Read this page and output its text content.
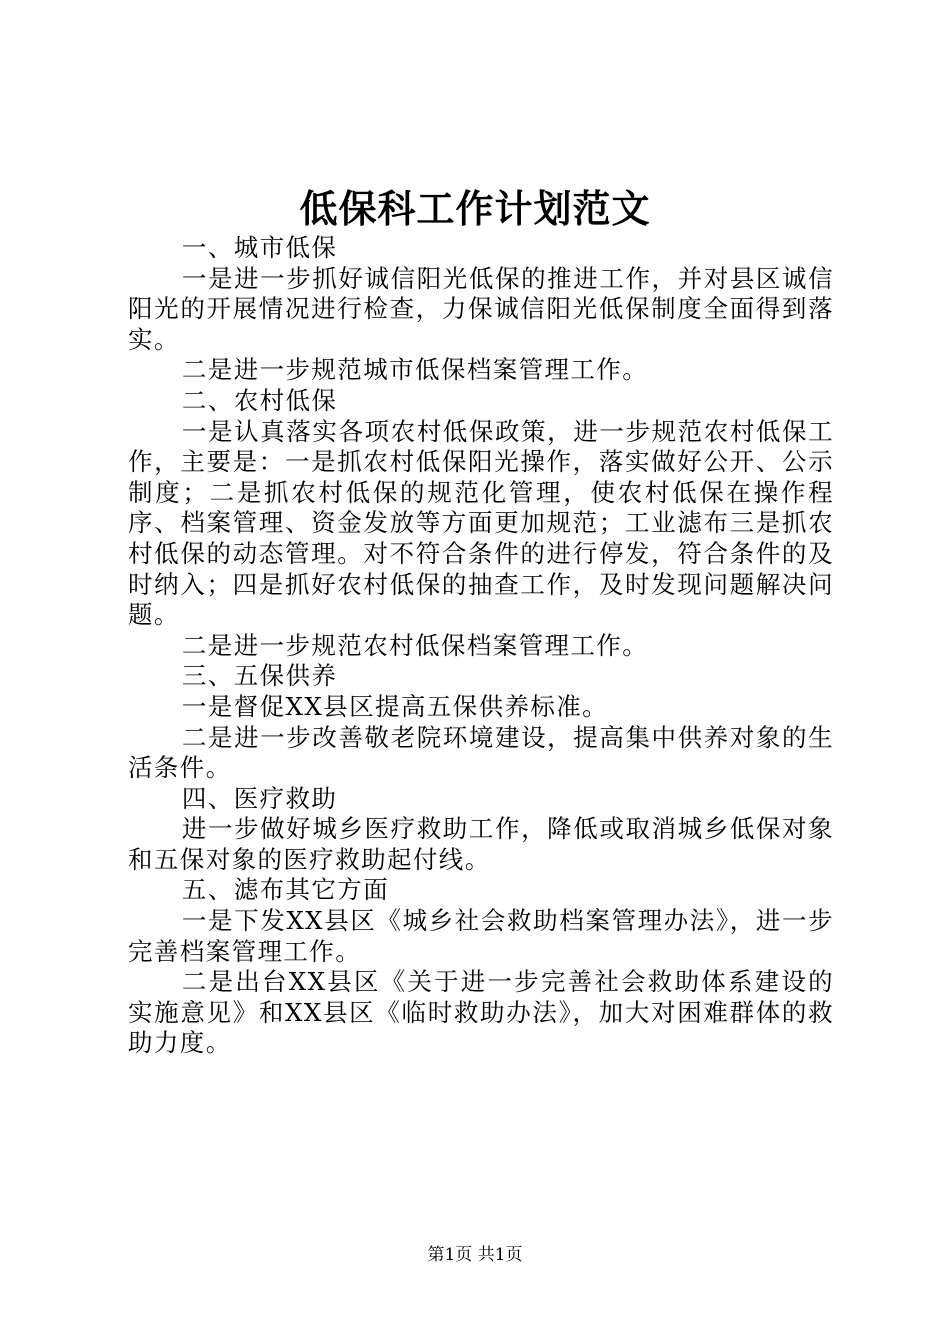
低保科工作计划范文

一、城市低保

一是进一步抓好诚信阳光低保的推进工作，并对县区诚信阳光的开展情况进行检查，力保诚信阳光低保制度全面得到落实。

二是进一步规范城市低保档案管理工作。

二、农村低保

一是认真落实各项农村低保政策，进一步规范农村低保工作，主要是：一是抓农村低保阳光操作，落实做好公开、公示制度；二是抓农村低保的规范化管理，使农村低保在操作程序、档案管理、资金发放等方面更加规范；工业滤布三是抓农村低保的动态管理。对不符合条件的进行停发，符合条件的及时纳入；四是抓好农村低保的抽查工作，及时发现问题解决问题。

二是进一步规范农村低保档案管理工作。

三、五保供养

一是督促XX县区提高五保供养标准。

二是进一步改善敬老院环境建设，提高集中供养对象的生活条件。

四、医疗救助

进一步做好城乡医疗救助工作，降低或取消城乡低保对象和五保对象的医疗救助起付线。

五、滤布其它方面

一是下发XX县区《城乡社会救助档案管理办法》，进一步完善档案管理工作。

二是出台XX县区《关于进一步完善社会救助体系建设的实施意见》和XX县区《临时救助办法》，加大对困难群体的救助力度。

第1页 共1页
